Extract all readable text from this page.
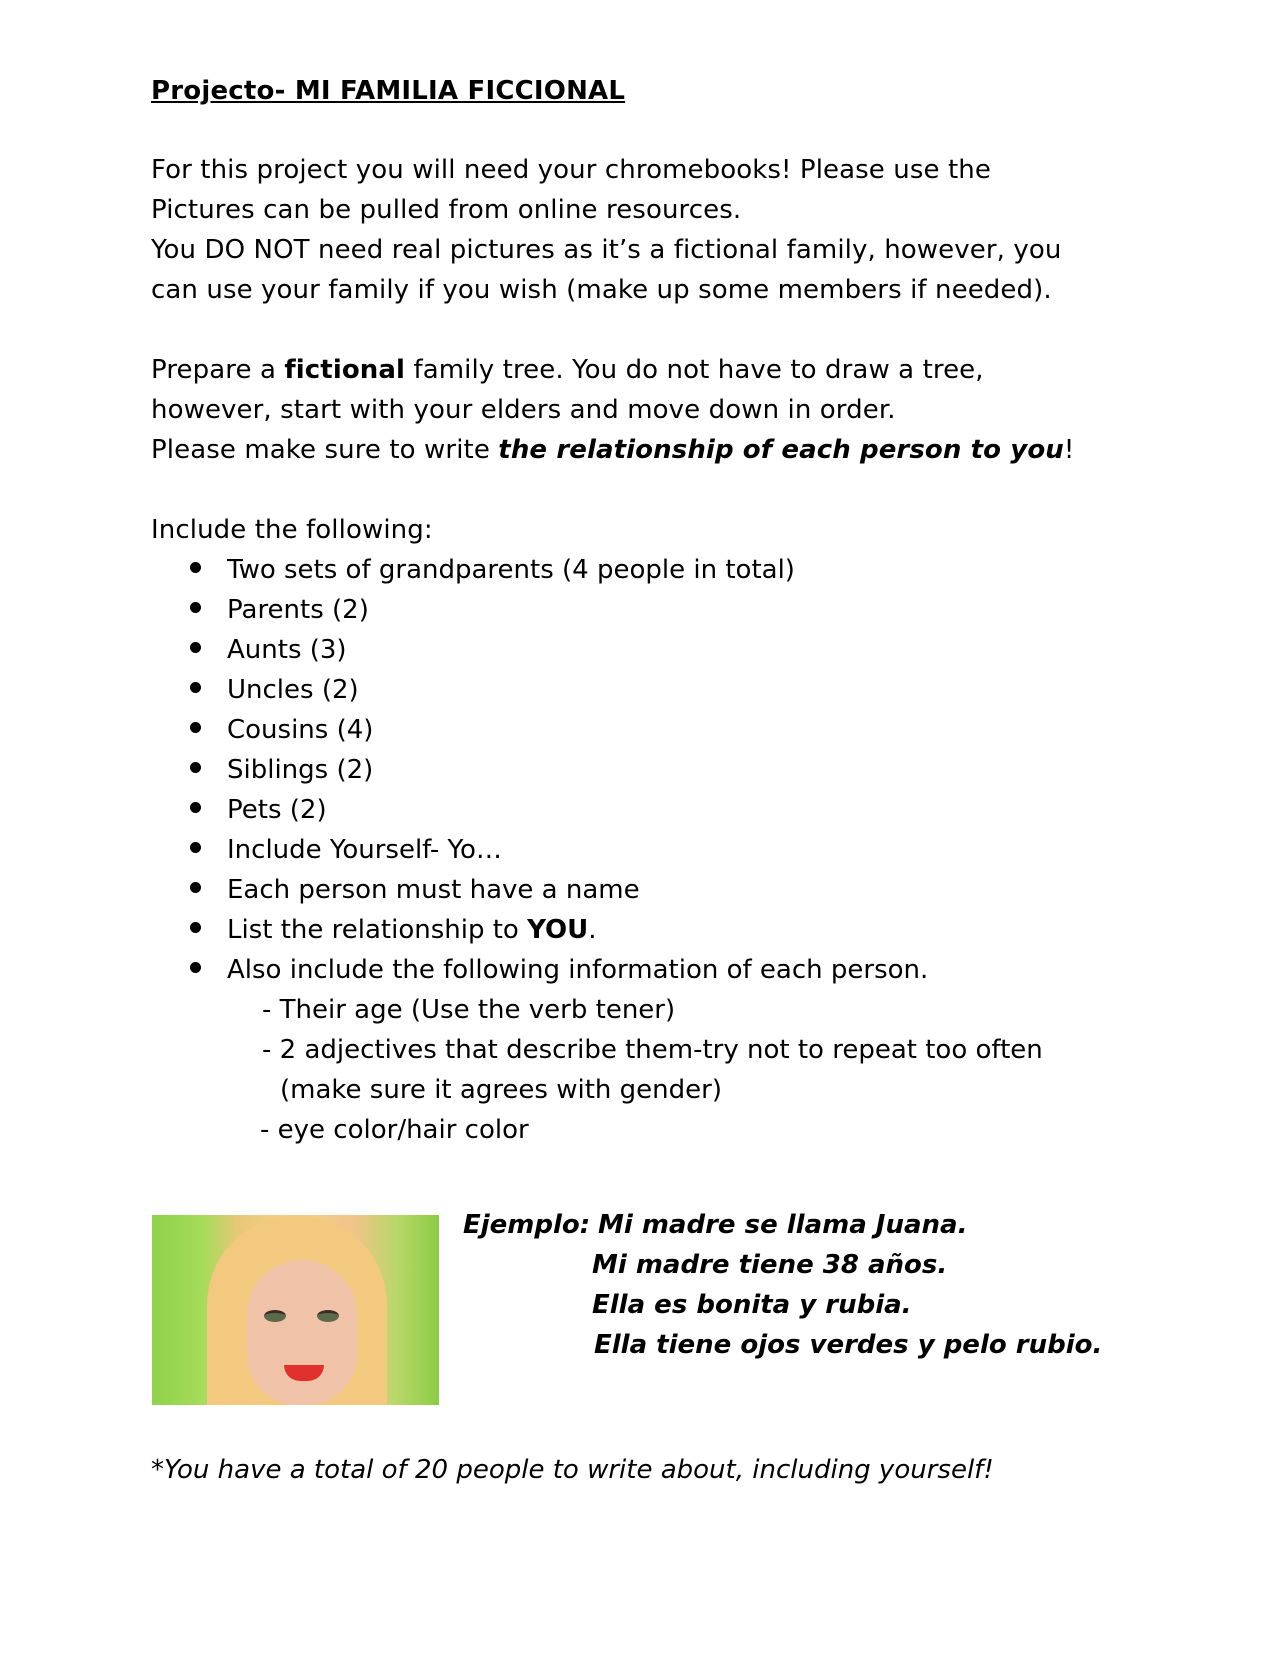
Projecto- MI FAMILIA FICCIONAL
For this project you will need your chromebooks! Please use the
Pictures can be pulled from online resources.
You DO NOT need real pictures as it’s a fictional family, however, you
can use your family if you wish (make up some members if needed).
Prepare a fictional family tree. You do not have to draw a tree,
however, start with your elders and move down in order.
Please make sure to write the relationship of each person to you!
Include the following:
Two sets of grandparents (4 people in total)
Parents (2)
Aunts (3)
Uncles (2)
Cousins (4)
Siblings (2)
Pets (2)
Include Yourself- Yo…
Each person must have a name
List the relationship to YOU.
Also include the following information of each person.
- Their age (Use the verb tener)
- 2 adjectives that describe them-try not to repeat too often
(make sure it agrees with gender)
- eye color/hair color
Ejemplo: Mi madre se llama Juana.
Mi madre tiene 38 años.
Ella es bonita y rubia.
Ella tiene ojos verdes y pelo rubio.
*You have a total of 20 people to write about, including yourself!
